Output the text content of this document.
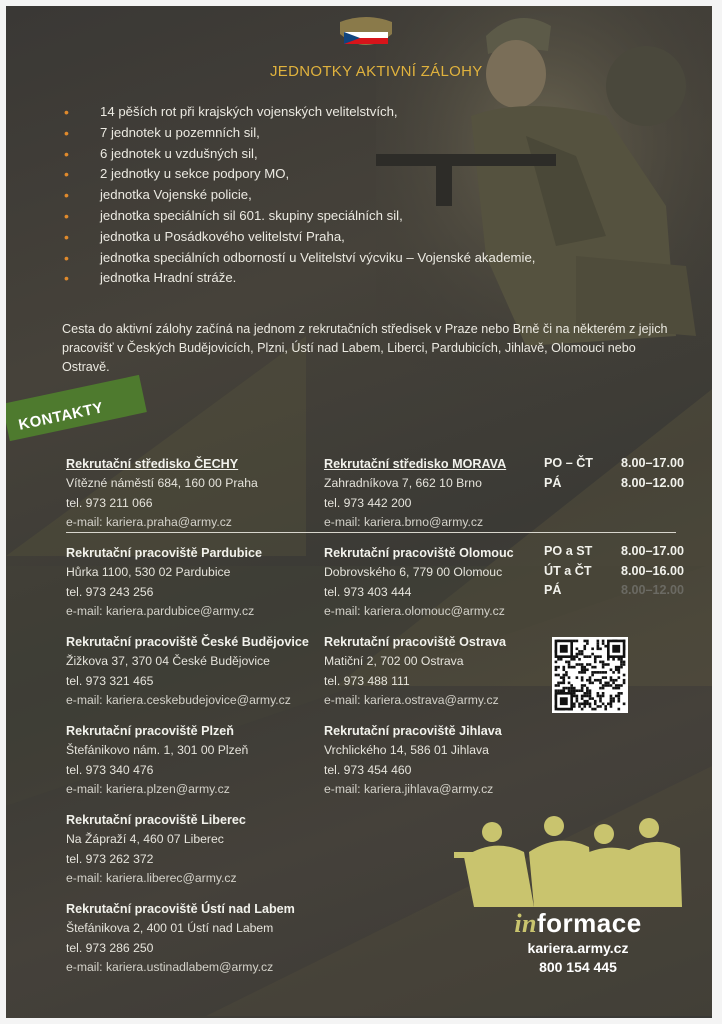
JEDNOTKY AKTIVNÍ ZÁLOHY
• 14 pěších rot při krajských vojenských velitelstvích,
• 7 jednotek u pozemních sil,
• 6 jednotek u vzdušných sil,
• 2 jednotky u sekce podpory MO,
• jednotka Vojenské policie,
• jednotka speciálních sil 601. skupiny speciálních sil,
• jednotka u Posádkového velitelství Praha,
• jednotka speciálních odborností u Velitelství výcviku – Vojenské akademie,
• jednotka Hradní stráže.
Cesta do aktivní zálohy začíná na jednom z rekrutačních středisek v Praze nebo Brně či na některém z jejich pracovišť v Českých Budějovicích, Plzni, Ústí nad Labem, Liberci, Pardubicích, Jihlavě, Olomouci nebo Ostravě.
KONTAKTY
Rekrutační středisko ČECHY
Vítězné náměstí 684, 160 00 Praha
tel. 973 211 066
e-mail: kariera.praha@army.cz
Rekrutační pracoviště Pardubice
Hůrka 1100, 530 02 Pardubice
tel. 973 243 256
e-mail: kariera.pardubice@army.cz
Rekrutační pracoviště České Budějovice
Žižkova 37, 370 04 České Budějovice
tel. 973 321 465
e-mail: kariera.ceskebudejovice@army.cz
Rekrutační pracoviště Plzeň
Štefánikovo nám. 1, 301 00 Plzeň
tel. 973 340 476
e-mail: kariera.plzen@army.cz
Rekrutační pracoviště Liberec
Na Žápraží 4, 460 07 Liberec
tel. 973 262 372
e-mail: kariera.liberec@army.cz
Rekrutační pracoviště Ústí nad Labem
Štefánikova 2, 400 01 Ústí nad Labem
tel. 973 286 250
e-mail: kariera.ustinadlabem@army.cz
Rekrutační středisko MORAVA
Zahradníkova 7, 662 10 Brno
tel. 973 442 200
e-mail: kariera.brno@army.cz
Rekrutační pracoviště Olomouc
Dobrovského 6, 779 00 Olomouc
tel. 973 403 444
e-mail: kariera.olomouc@army.cz
Rekrutační pracoviště Ostrava
Matiční 2, 702 00 Ostrava
tel. 973 488 111
e-mail: kariera.ostrava@army.cz
Rekrutační pracoviště Jihlava
Vrchlického 14, 586 01 Jihlava
tel. 973 454 460
e-mail: kariera.jihlava@army.cz
PO – ČT 8.00–17.00
PÁ	8.00–12.00
PO a ST 8.00–17.00
ÚT a ČT 8.00–16.00
PÁ	8.00–12.00
informace
kariera.army.cz
800 154 445
